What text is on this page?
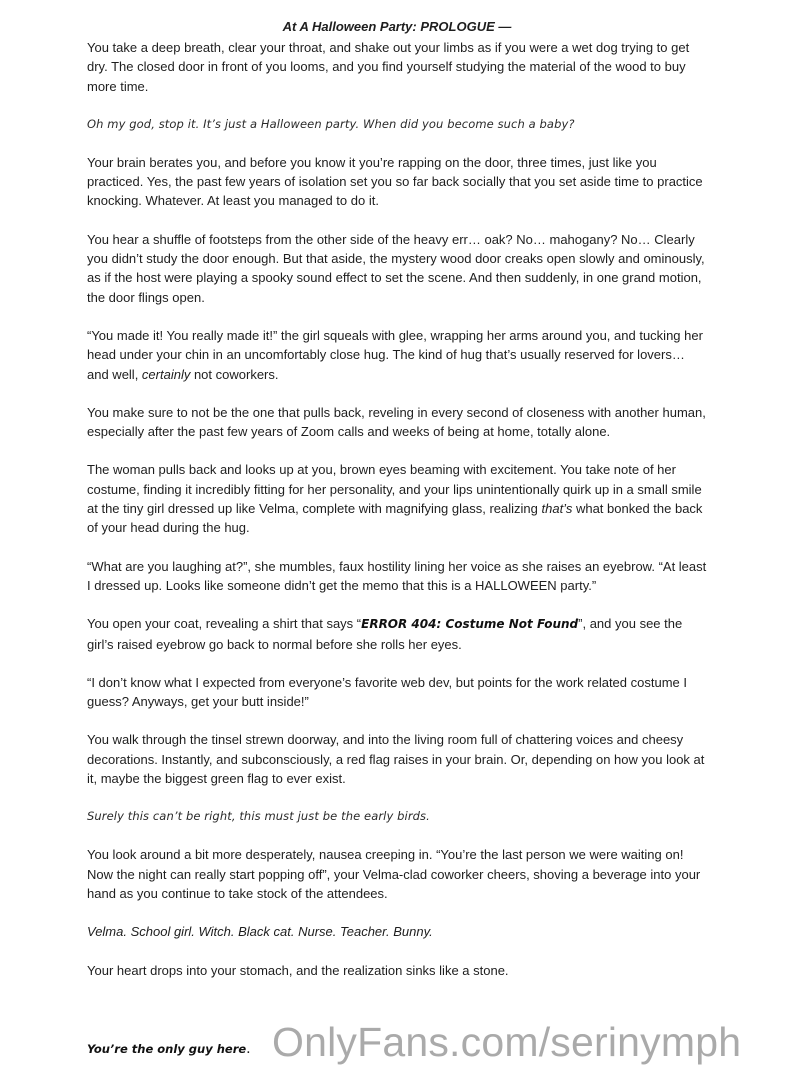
At A Halloween Party: PROLOGUE —

You take a deep breath, clear your throat, and shake out your limbs as if you were a wet dog trying to get dry. The closed door in front of you looms, and you find yourself studying the material of the wood to buy more time.

Oh my god, stop it. It’s just a Halloween party. When did you become such a baby?

Your brain berates you, and before you know it you’re rapping on the door, three times, just like you practiced. Yes, the past few years of isolation set you so far back socially that you set aside time to practice knocking. Whatever. At least you managed to do it.

You hear a shuffle of footsteps from the other side of the heavy err… oak? No… mahogany? No… Clearly you didn’t study the door enough. But that aside, the mystery wood door creaks open slowly and ominously, as if the host were playing a spooky sound effect to set the scene. And then suddenly, in one grand motion, the door flings open.

“You made it! You really made it!” the girl squeals with glee, wrapping her arms around you, and tucking her head under your chin in an uncomfortably close hug. The kind of hug that’s usually reserved for lovers… and well, certainly not coworkers.

You make sure to not be the one that pulls back, reveling in every second of closeness with another human, especially after the past few years of Zoom calls and weeks of being at home, totally alone.

The woman pulls back and looks up at you, brown eyes beaming with excitement. You take note of her costume, finding it incredibly fitting for her personality, and your lips unintentionally quirk up in a small smile at the tiny girl dressed up like Velma, complete with magnifying glass, realizing that’s what bonked the back of your head during the hug.

“What are you laughing at?”, she mumbles, faux hostility lining her voice as she raises an eyebrow. “At least I dressed up. Looks like someone didn’t get the memo that this is a HALLOWEEN party.”

You open your coat, revealing a shirt that says “ERROR 404: Costume Not Found”, and you see the girl’s raised eyebrow go back to normal before she rolls her eyes.

“I don’t know what I expected from everyone’s favorite web dev, but points for the work related costume I guess? Anyways, get your butt inside!”

You walk through the tinsel strewn doorway, and into the living room full of chattering voices and cheesy decorations. Instantly, and subconsciously, a red flag raises in your brain. Or, depending on how you look at it, maybe the biggest green flag to ever exist.

Surely this can’t be right, this must just be the early birds.

You look around a bit more desperately, nausea creeping in. “You’re the last person we were waiting on! Now the night can really start popping off”, your Velma-clad coworker cheers, shoving a beverage into your hand as you continue to take stock of the attendees.

Velma. School girl. Witch. Black cat. Nurse. Teacher. Bunny.

Your heart drops into your stomach, and the realization sinks like a stone.

You’re the only guy here. OnlyFans.com/serinymph
